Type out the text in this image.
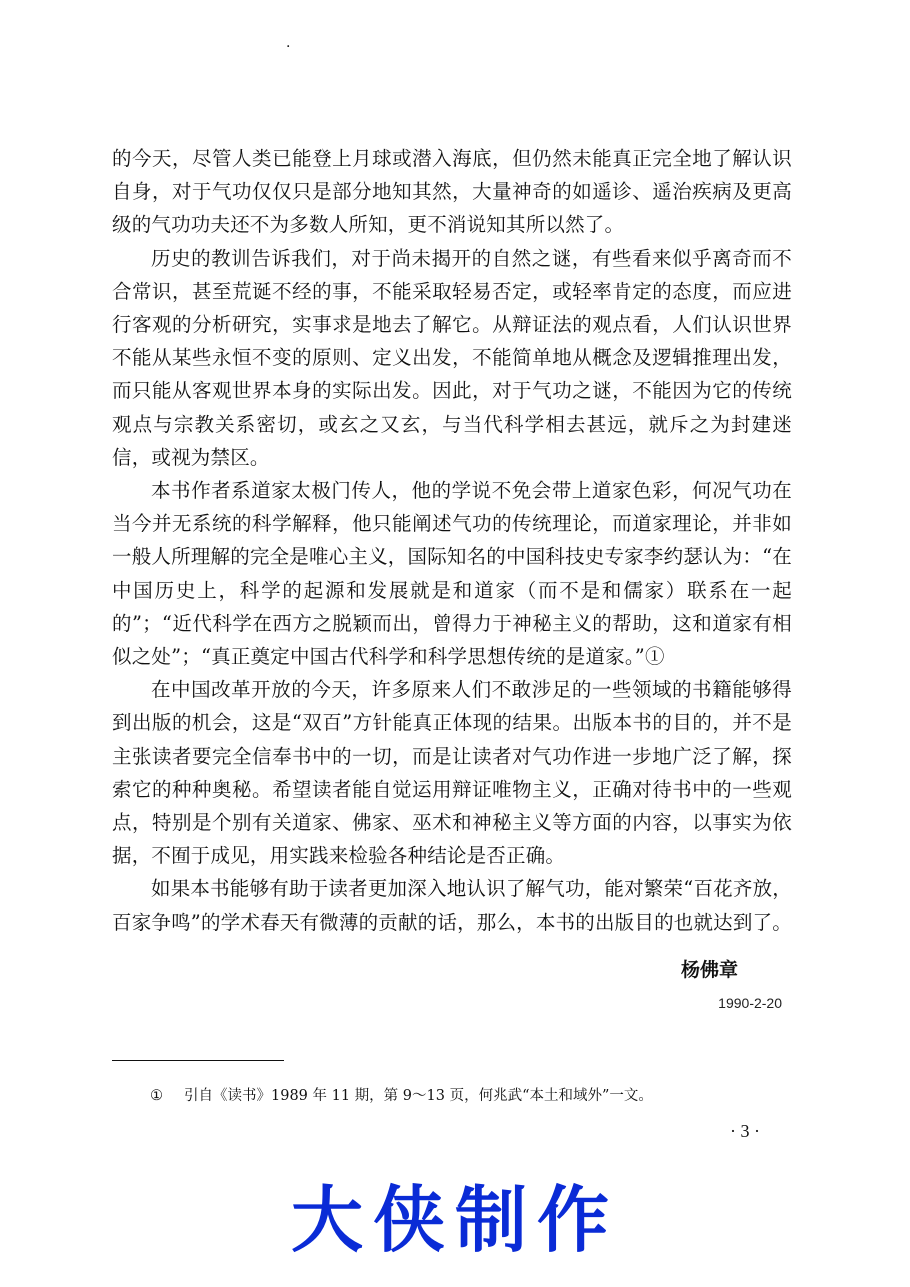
·

的今天，尽管人类已能登上月球或潜入海底，但仍然未能真正完全地了解认识自身，对于气功仅仅只是部分地知其然，大量神奇的如遥诊、遥治疾病及更高级的气功功夫还不为多数人所知，更不消说知其所以然了。

历史的教训告诉我们，对于尚未揭开的自然之谜，有些看来似乎离奇而不合常识，甚至荒诞不经的事，不能采取轻易否定，或轻率肯定的态度，而应进行客观的分析研究，实事求是地去了解它。从辩证法的观点看，人们认识世界不能从某些永恒不变的原则、定义出发，不能简单地从概念及逻辑推理出发，而只能从客观世界本身的实际出发。因此，对于气功之谜，不能因为它的传统观点与宗教关系密切，或玄之又玄，与当代科学相去甚远，就斥之为封建迷信，或视为禁区。

本书作者系道家太极门传人，他的学说不免会带上道家色彩，何况气功在当今并无系统的科学解释，他只能阐述气功的传统理论，而道家理论，并非如一般人所理解的完全是唯心主义，国际知名的中国科技史专家李约瑟认为：“在中国历史上，科学的起源和发展就是和道家（而不是和儒家）联系在一起的”；“近代科学在西方之脱颖而出，曾得力于神秘主义的帮助，这和道家有相似之处”；“真正奠定中国古代科学和科学思想传统的是道家。”①

在中国改革开放的今天，许多原来人们不敢涉足的一些领域的书籍能够得到出版的机会，这是“双百”方针能真正体现的结果。出版本书的目的，并不是主张读者要完全信奉书中的一切，而是让读者对气功作进一步地广泛了解，探索它的种种奥秘。希望读者能自觉运用辩证唯物主义，正确对待书中的一些观点，特别是个别有关道家、佛家、巫术和神秘主义等方面的内容，以事实为依据，不囿于成见，用实践来检验各种结论是否正确。

如果本书能够有助于读者更加深入地认识了解气功，能对繁荣“百花齐放，百家争鸣”的学术春天有微薄的贡献的话，那么，本书的出版目的也就达到了。

杨佛章
1990-2-20
① 引自《读书》1989 年 11 期，第 9～13 页，何兆武“本土和域外”一文。
· 3 ·
大侠制作
